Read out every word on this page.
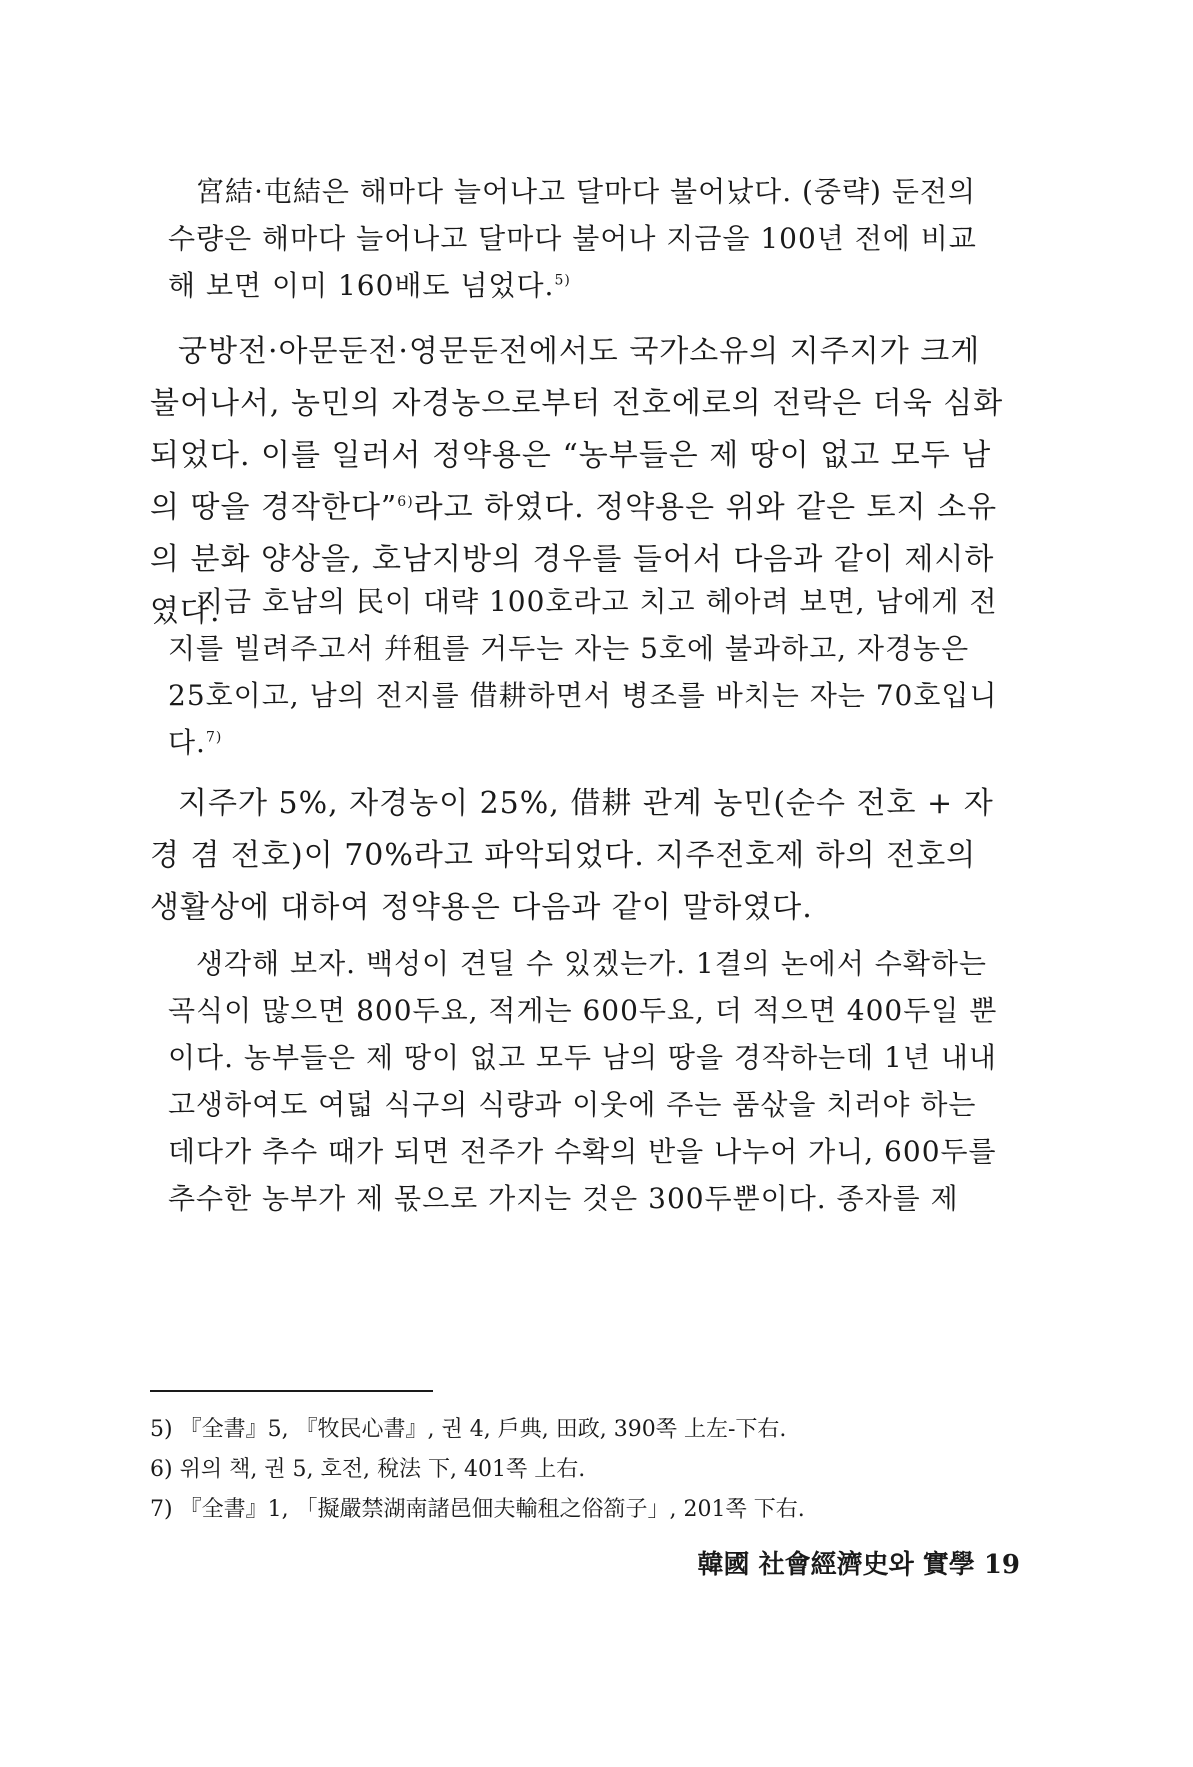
宮結·屯結은 해마다 늘어나고 달마다 불어났다. (중략) 둔전의 수량은 해마다 늘어나고 달마다 불어나 지금을 100년 전에 비교해 보면 이미 160배도 넘었다.$^{5)}$

궁방전·아문둔전·영문둔전에서도 국가소유의 지주지가 크게 불어나서, 농민의 자경농으로부터 전호에로의 전락은 더욱 심화되었다. 이를 일러서 정약용은 “농부들은 제 땅이 없고 모두 남의 땅을 경작한다”$^{6)}$라고 하였다. 정약용은 위와 같은 토지 소유의 분화 양상을, 호남지방의 경우를 들어서 다음과 같이 제시하였다.

지금 호남의 民이 대략 100호라고 치고 헤아려 보면, 남에게 전지를 빌려주고서 幷租를 거두는 자는 5호에 불과하고, 자경농은 25호이고, 남의 전지를 借耕하면서 병조를 바치는 자는 70호입니다.$^{7)}$

지주가 5%, 자경농이 25%, 借耕 관계 농민(순수 전호 + 자경 겸 전호)이 70%라고 파악되었다. 지주전호제 하의 전호의 생활상에 대하여 정약용은 다음과 같이 말하였다.

생각해 보자. 백성이 견딜 수 있겠는가. 1결의 논에서 수확하는 곡식이 많으면 800두요, 적게는 600두요, 더 적으면 400두일 뿐이다. 농부들은 제 땅이 없고 모두 남의 땅을 경작하는데 1년 내내 고생하여도 여덟 식구의 식량과 이웃에 주는 품삯을 치러야 하는 데다가 추수 때가 되면 전주가 수확의 반을 나누어 가니, 600두를 추수한 농부가 제 몫으로 가지는 것은 300두뿐이다. 종자를 제

5) 『全書』5, 『牧民心書』, 권 4, 戶典, 田政, 390쪽 上左-下右.

6) 위의 책, 권 5, 호전, 稅法 下, 401쪽 上右.

7) 『全書』1, 「擬嚴禁湖南諸邑佃夫輸租之俗箚子」, 201쪽 下右.

韓國 社會經濟史와 實學 19
